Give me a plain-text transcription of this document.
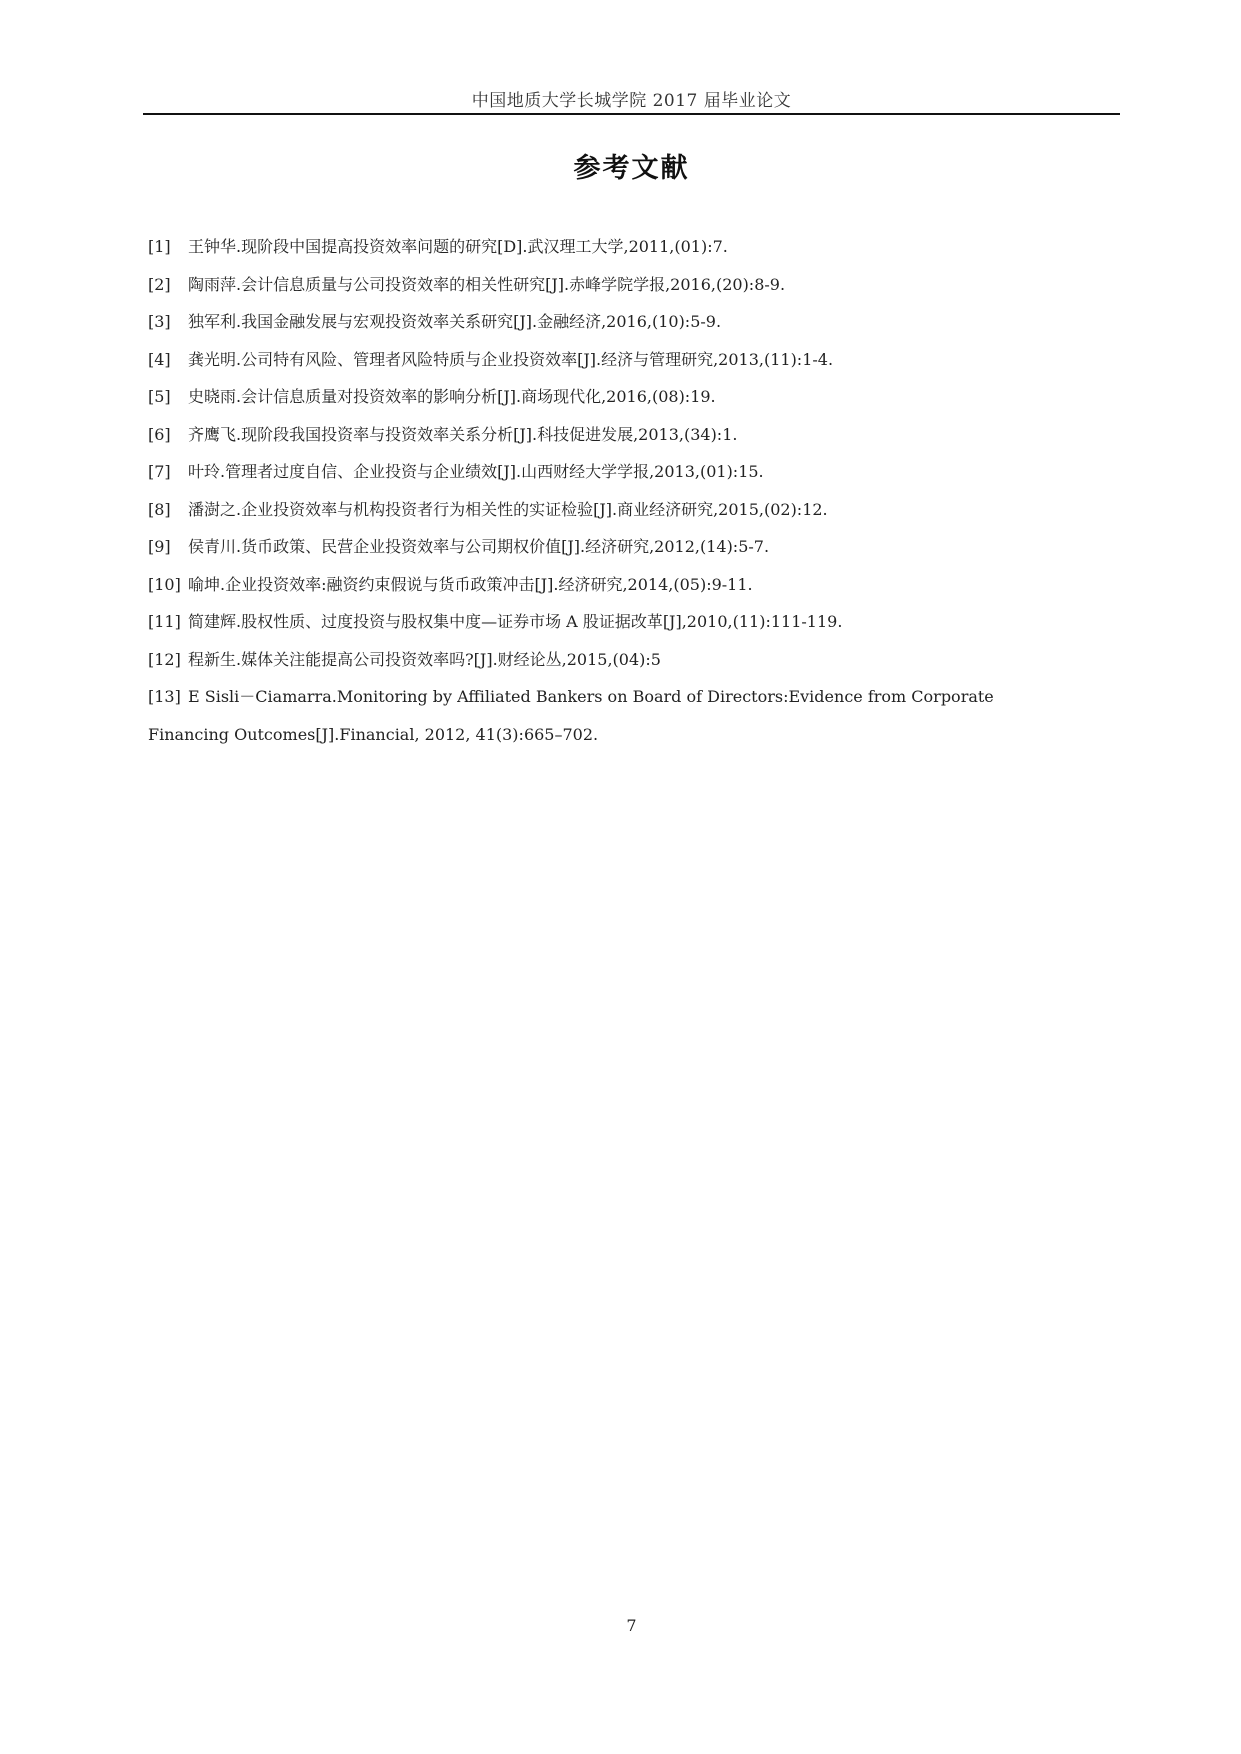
中国地质大学长城学院 2017 届毕业论文
参考文献
[1] 王钟华.现阶段中国提高投资效率问题的研究[D].武汉理工大学,2011,(01):7.
[2] 陶雨萍.会计信息质量与公司投资效率的相关性研究[J].赤峰学院学报,2016,(20):8-9.
[3] 独军利.我国金融发展与宏观投资效率关系研究[J].金融经济,2016,(10):5-9.
[4] 龚光明.公司特有风险、管理者风险特质与企业投资效率[J].经济与管理研究,2013,(11):1-4.
[5] 史晓雨.会计信息质量对投资效率的影响分析[J].商场现代化,2016,(08):19.
[6] 齐鹰飞.现阶段我国投资率与投资效率关系分析[J].科技促进发展,2013,(34):1.
[7] 叶玲.管理者过度自信、企业投资与企业绩效[J].山西财经大学学报,2013,(01):15.
[8] 潘澍之.企业投资效率与机构投资者行为相关性的实证检验[J].商业经济研究,2015,(02):12.
[9] 侯青川.货币政策、民营企业投资效率与公司期权价值[J].经济研究,2012,(14):5-7.
[10] 喻坤.企业投资效率:融资约束假说与货币政策冲击[J].经济研究,2014,(05):9-11.
[11] 简建辉.股权性质、过度投资与股权集中度—证券市场 A 股证据改革[J],2010,(11):111-119.
[12] 程新生.媒体关注能提高公司投资效率吗?[J].财经论丛,2015,(04):5
[13] E Sisli－Ciamarra.Monitoring by Affiliated Bankers on Board of Directors:Evidence from Corporate Financing Outcomes[J].Financial, 2012, 41(3):665–702.
7
